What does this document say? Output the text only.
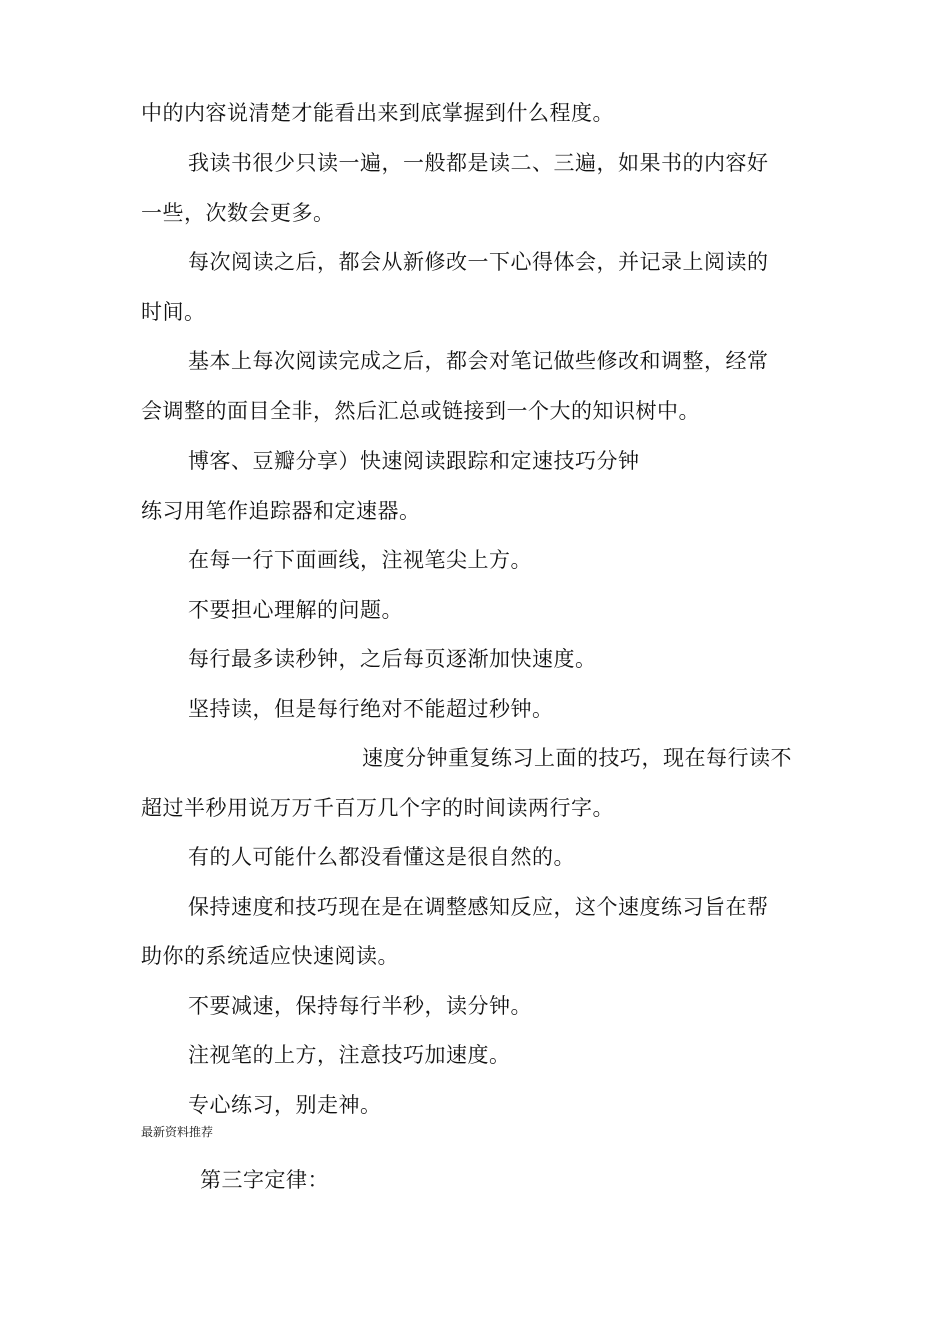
中的内容说清楚才能看出来到底掌握到什么程度。
我读书很少只读一遍，一般都是读二、三遍，如果书的内容好
一些，次数会更多。
每次阅读之后，都会从新修改一下心得体会，并记录上阅读的
时间。
基本上每次阅读完成之后，都会对笔记做些修改和调整，经常
会调整的面目全非，然后汇总或链接到一个大的知识树中。
博客、豆瓣分享）快速阅读跟踪和定速技巧分钟
练习用笔作追踪器和定速器。
在每一行下面画线，注视笔尖上方。
不要担心理解的问题。
每行最多读秒钟，之后每页逐渐加快速度。
坚持读，但是每行绝对不能超过秒钟。
速度分钟重复练习上面的技巧，现在每行读不
超过半秒用说万万千百万几个字的时间读两行字。
有的人可能什么都没看懂这是很自然的。
保持速度和技巧现在是在调整感知反应，这个速度练习旨在帮
助你的系统适应快速阅读。
不要减速，保持每行半秒，读分钟。
注视笔的上方，注意技巧加速度。
专心练习，别走神。
最新资料推荐
第三字定律：
